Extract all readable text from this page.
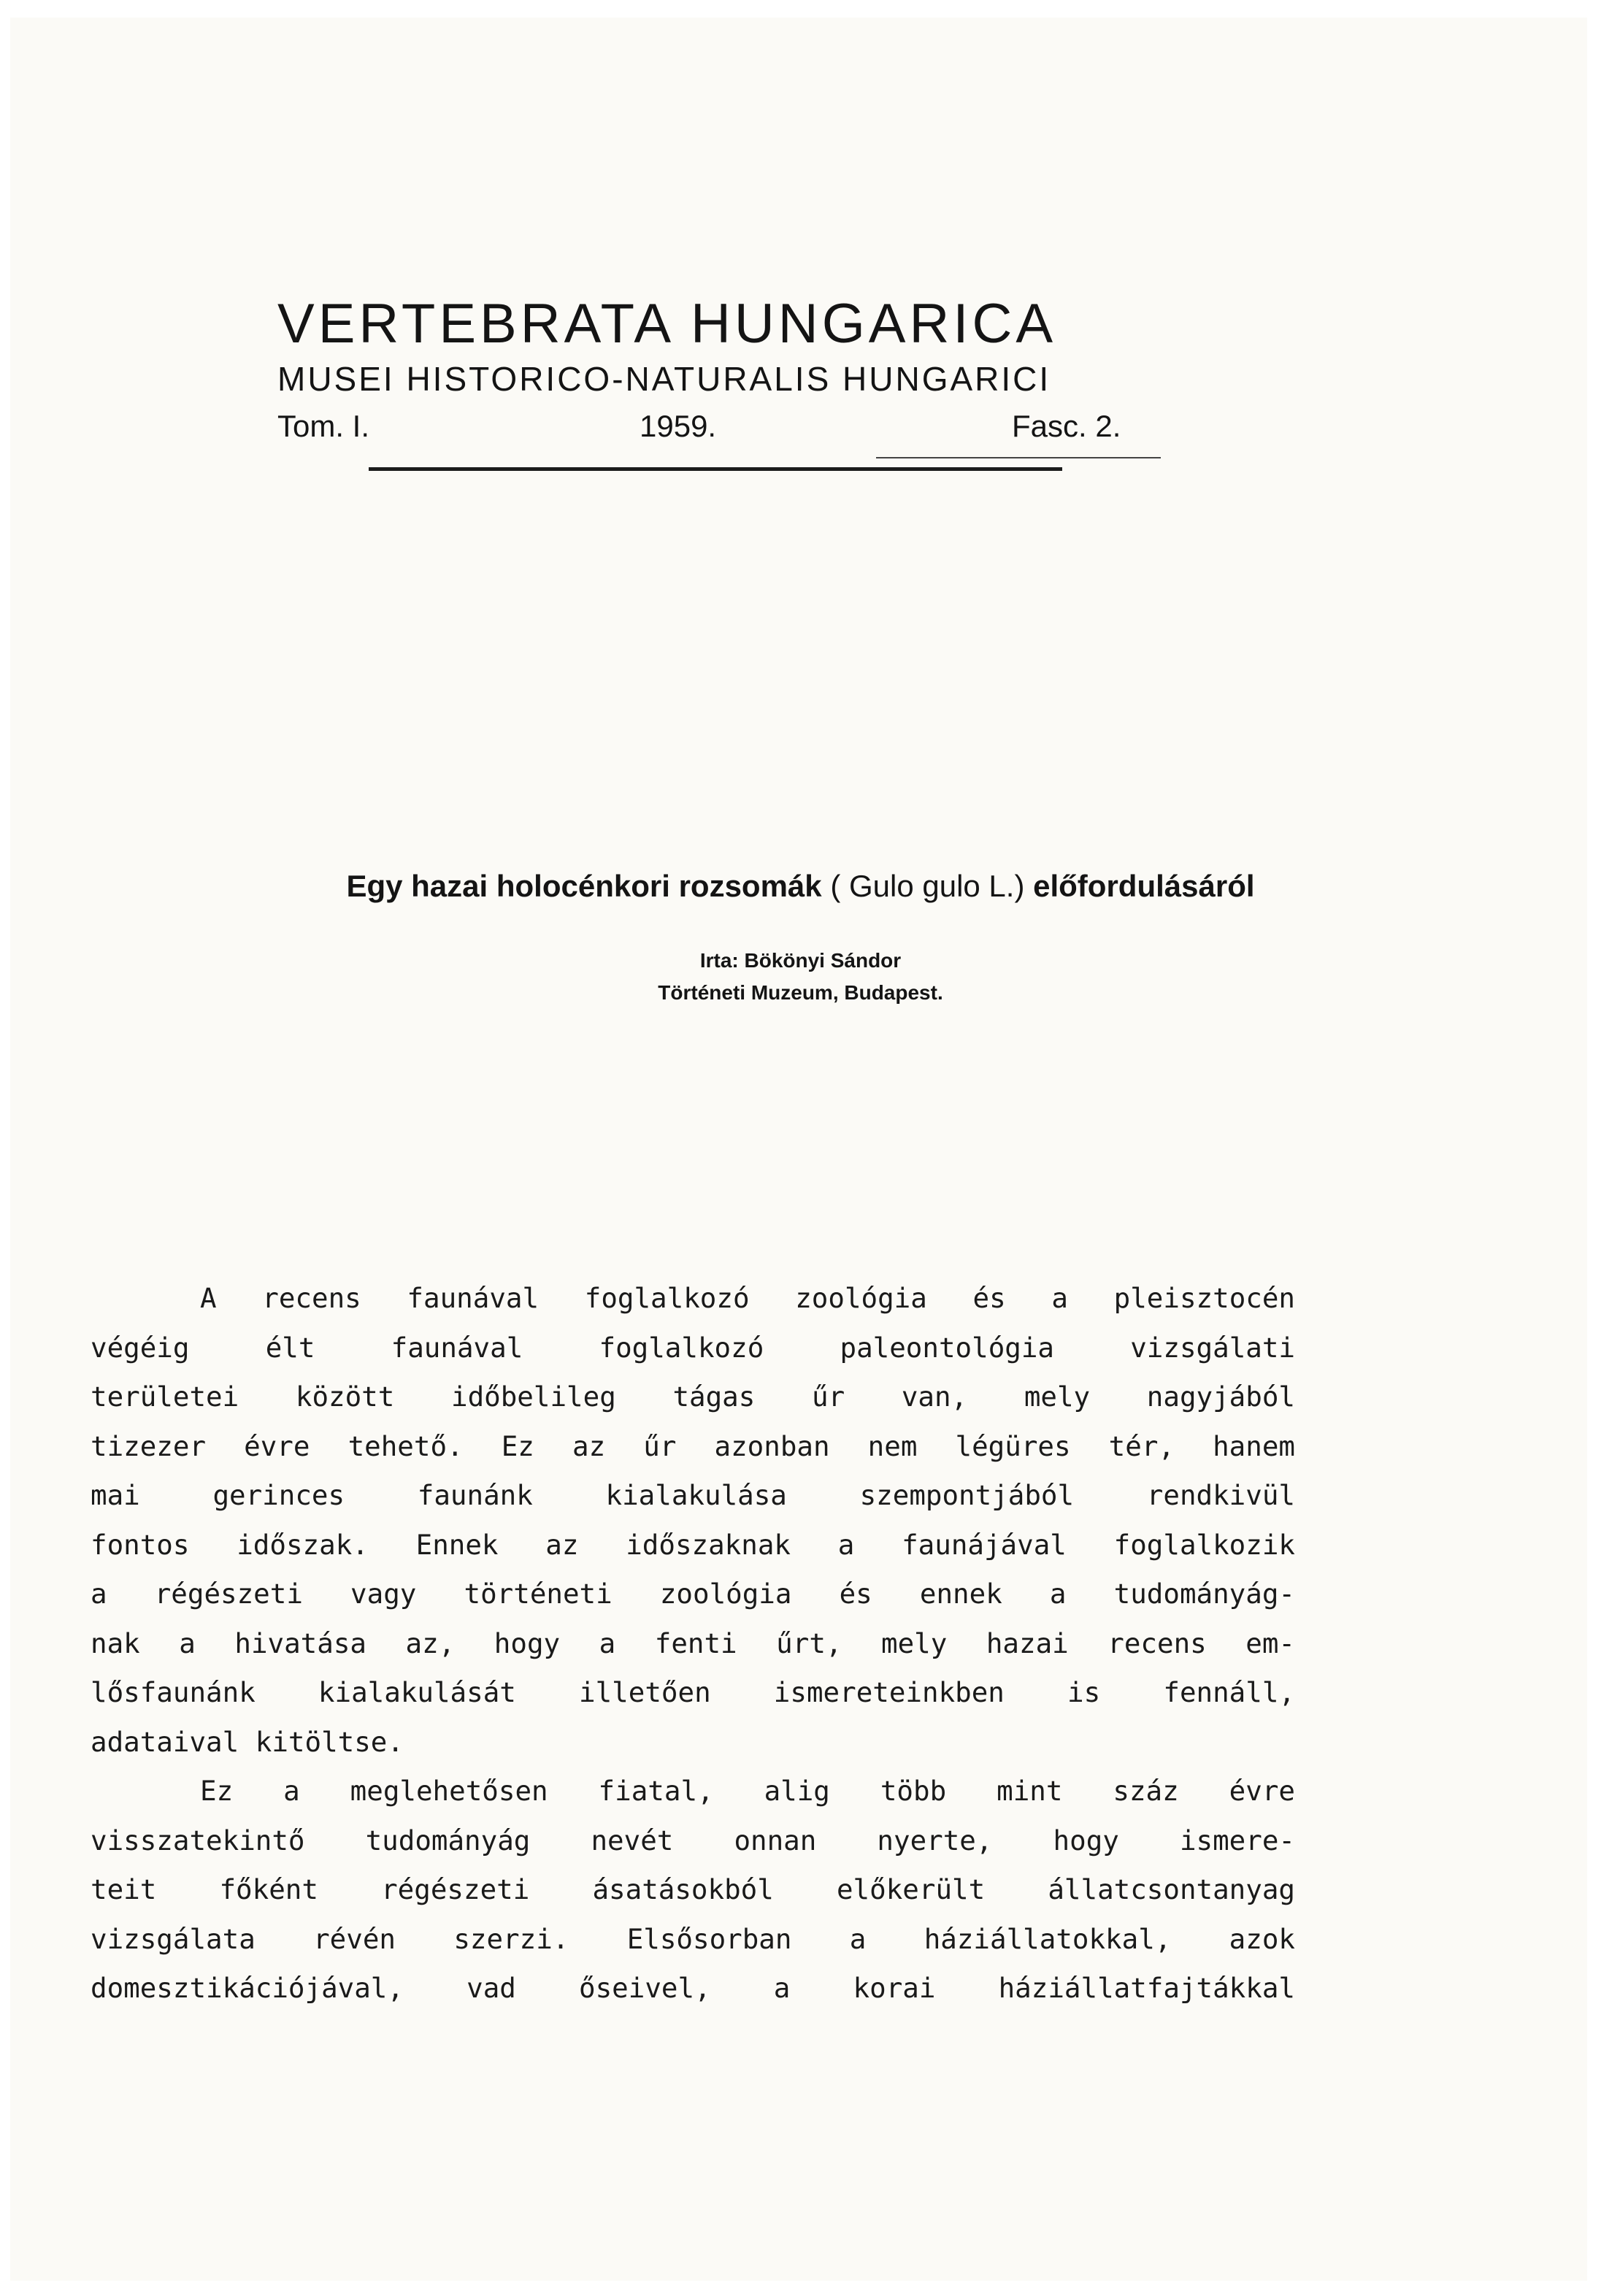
VERTEBRATA HUNGARICA
MUSEI HISTORICO-NATURALIS HUNGARICI
Tom. I.	1959.	Fasc. 2.
Egy hazai holocénkori rozsomák ( Gulo gulo L.) előfordulásáról
Irta: Bökönyi Sándor
Történeti Muzeum, Budapest.
A recens faunával foglalkozó zoológia és a pleisztocén
végéig élt faunával foglalkozó paleontológia vizsgálati
területei között időbelileg tágas űr van, mely nagyjából
tizezer évre tehető. Ez az űr azonban nem légüres tér, hanem
mai gerinces faunánk kialakulása szempontjából rendkivül
fontos időszak. Ennek az időszaknak a faunájával foglalkozik
a régészeti vagy történeti zoológia és ennek a tudományág-
nak a hivatása az, hogy a fenti űrt, mely hazai recens em-
lősfaunánk kialakulását illetően ismereteinkben is fennáll,
adataival kitöltse.
Ez a meglehetősen fiatal, alig több mint száz évre
visszatekintő tudományág nevét onnan nyerte, hogy ismere-
teit főként régészeti ásatásokból előkerült állatcsontanyag
vizsgálata révén szerzi. Elsősorban a háziállatokkal, azok
domesztikációjával, vad őseivel, a korai háziállatfajtákkal
